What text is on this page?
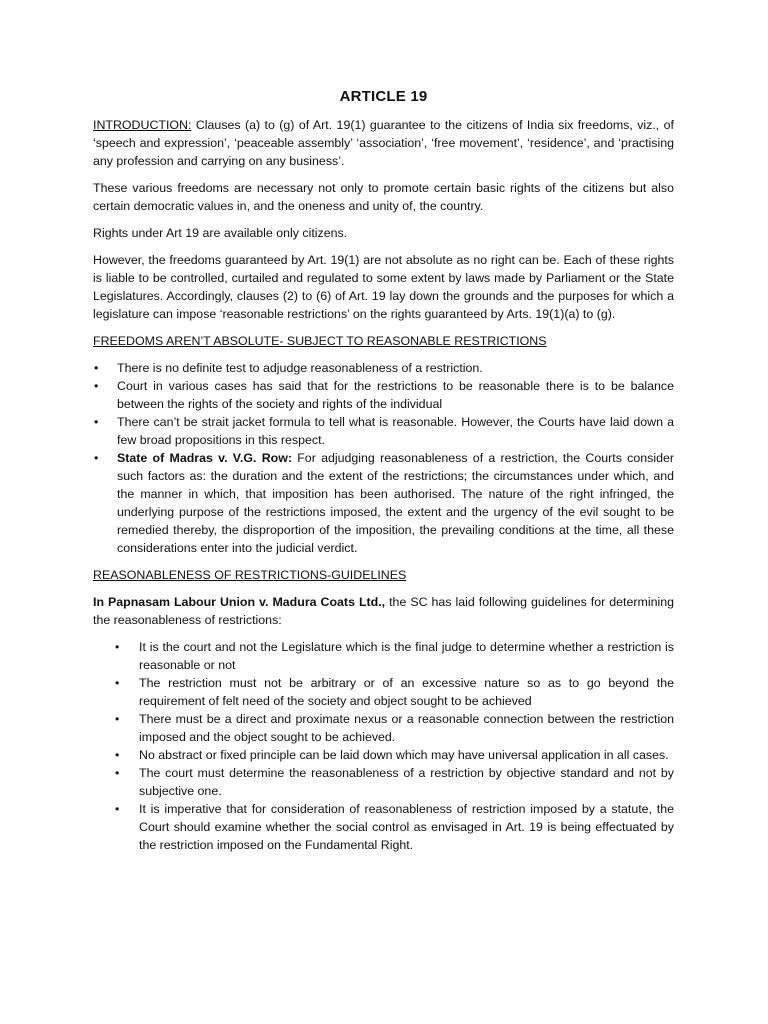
ARTICLE 19

INTRODUCTION: Clauses (a) to (g) of Art. 19(1) guarantee to the citizens of India six freedoms, viz., of ‘speech and expression’, ‘peaceable assembly’ ‘association’, ‘free movement’, ‘residence’, and ‘practising any profession and carrying on any business’.

These various freedoms are necessary not only to promote certain basic rights of the citizens but also certain democratic values in, and the oneness and unity of, the country.

Rights under Art 19 are available only citizens.

However, the freedoms guaranteed by Art. 19(1) are not absolute as no right can be. Each of these rights is liable to be controlled, curtailed and regulated to some extent by laws made by Parliament or the State Legislatures. Accordingly, clauses (2) to (6) of Art. 19 lay down the grounds and the purposes for which a legislature can impose ‘reasonable restrictions’ on the rights guaranteed by Arts. 19(1)(a) to (g).

FREEDOMS AREN’T ABSOLUTE- SUBJECT TO REASONABLE RESTRICTIONS
• There is no definite test to adjudge reasonableness of a restriction.
• Court in various cases has said that for the restrictions to be reasonable there is to be balance between the rights of the society and rights of the individual
• There can’t be strait jacket formula to tell what is reasonable. However, the Courts have laid down a few broad propositions in this respect.
• State of Madras v. V.G. Row: For adjudging reasonableness of a restriction, the Courts consider such factors as: the duration and the extent of the restrictions; the circumstances under which, and the manner in which, that imposition has been authorised. The nature of the right infringed, the underlying purpose of the restrictions imposed, the extent and the urgency of the evil sought to be remedied thereby, the disproportion of the imposition, the prevailing conditions at the time, all these considerations enter into the judicial verdict.
REASONABLENESS OF RESTRICTIONS-GUIDELINES

In Papnasam Labour Union v. Madura Coats Ltd., the SC has laid following guidelines for determining the reasonableness of restrictions:

• It is the court and not the Legislature which is the final judge to determine whether a restriction is reasonable or not
• The restriction must not be arbitrary or of an excessive nature so as to go beyond the requirement of felt need of the society and object sought to be achieved
• There must be a direct and proximate nexus or a reasonable connection between the restriction imposed and the object sought to be achieved.
• No abstract or fixed principle can be laid down which may have universal application in all cases.
• The court must determine the reasonableness of a restriction by objective standard and not by subjective one.
• It is imperative that for consideration of reasonableness of restriction imposed by a statute, the Court should examine whether the social control as envisaged in Art. 19 is being effectuated by the restriction imposed on the Fundamental Right.
